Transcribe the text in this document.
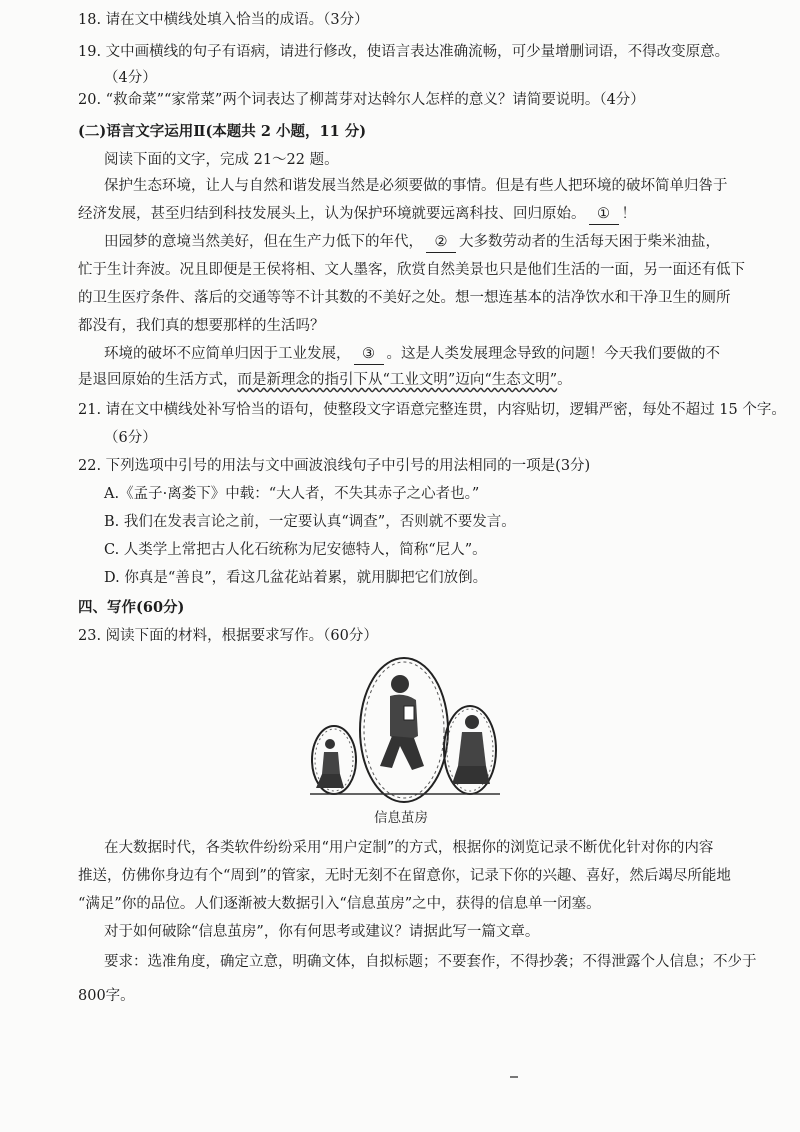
18. 请在文中横线处填入恰当的成语。（3分）
19. 文中画横线的句子有语病，请进行修改，使语言表达准确流畅，可少量增删词语，不得改变原意。
（4分）
20. “救命菜”“家常菜”两个词表达了柳蒿芽对达斡尔人怎样的意义？请简要说明。（4分）
(二)语言文字运用Ⅱ(本题共 2 小题，11 分)
阅读下面的文字，完成 21～22 题。
保护生态环境，让人与自然和谐发展当然是必须要做的事情。但是有些人把环境的破坏简单归咎于
经济发展，甚至归结到科技发展头上，认为保护环境就要远离科技、回归原始。 ① ！
田园梦的意境当然美好，但在生产力低下的年代， ② 大多数劳动者的生活每天困于柴米油盐，
忙于生计奔波。况且即便是王侯将相、文人墨客，欣赏自然美景也只是他们生活的一面，另一面还有低下
的卫生医疗条件、落后的交通等等不计其数的不美好之处。想一想连基本的洁净饮水和干净卫生的厕所
都没有，我们真的想要那样的生活吗？
环境的破坏不应简单归因于工业发展， ③ 。这是人类发展理念导致的问题！今天我们要做的不
是退回原始的生活方式，而是新理念的指引下从“工业文明”迈向“生态文明”。
21. 请在文中横线处补写恰当的语句，使整段文字语意完整连贯，内容贴切，逻辑严密，每处不超过 15 个字。
（6分）
22. 下列选项中引号的用法与文中画波浪线句子中引号的用法相同的一项是(3分)
A.《孟子·离娄下》中载：“大人者，不失其赤子之心者也。”
B. 我们在发表言论之前，一定要认真“调查”，否则就不要发言。
C. 人类学上常把古人化石统称为尼安德特人，简称“尼人”。
D. 你真是“善良”，看这几盆花站着累，就用脚把它们放倒。
四、写作(60分)
23. 阅读下面的材料，根据要求写作。（60分）
信息茧房
在大数据时代，各类软件纷纷采用“用户定制”的方式，根据你的浏览记录不断优化针对你的内容
推送，仿佛你身边有个“周到”的管家，无时无刻不在留意你，记录下你的兴趣、喜好，然后竭尽所能地
“满足”你的品位。人们逐渐被大数据引入“信息茧房”之中，获得的信息单一闭塞。
对于如何破除“信息茧房”，你有何思考或建议？请据此写一篇文章。
要求：选准角度，确定立意，明确文体，自拟标题；不要套作，不得抄袭；不得泄露个人信息；不少于
800字。
